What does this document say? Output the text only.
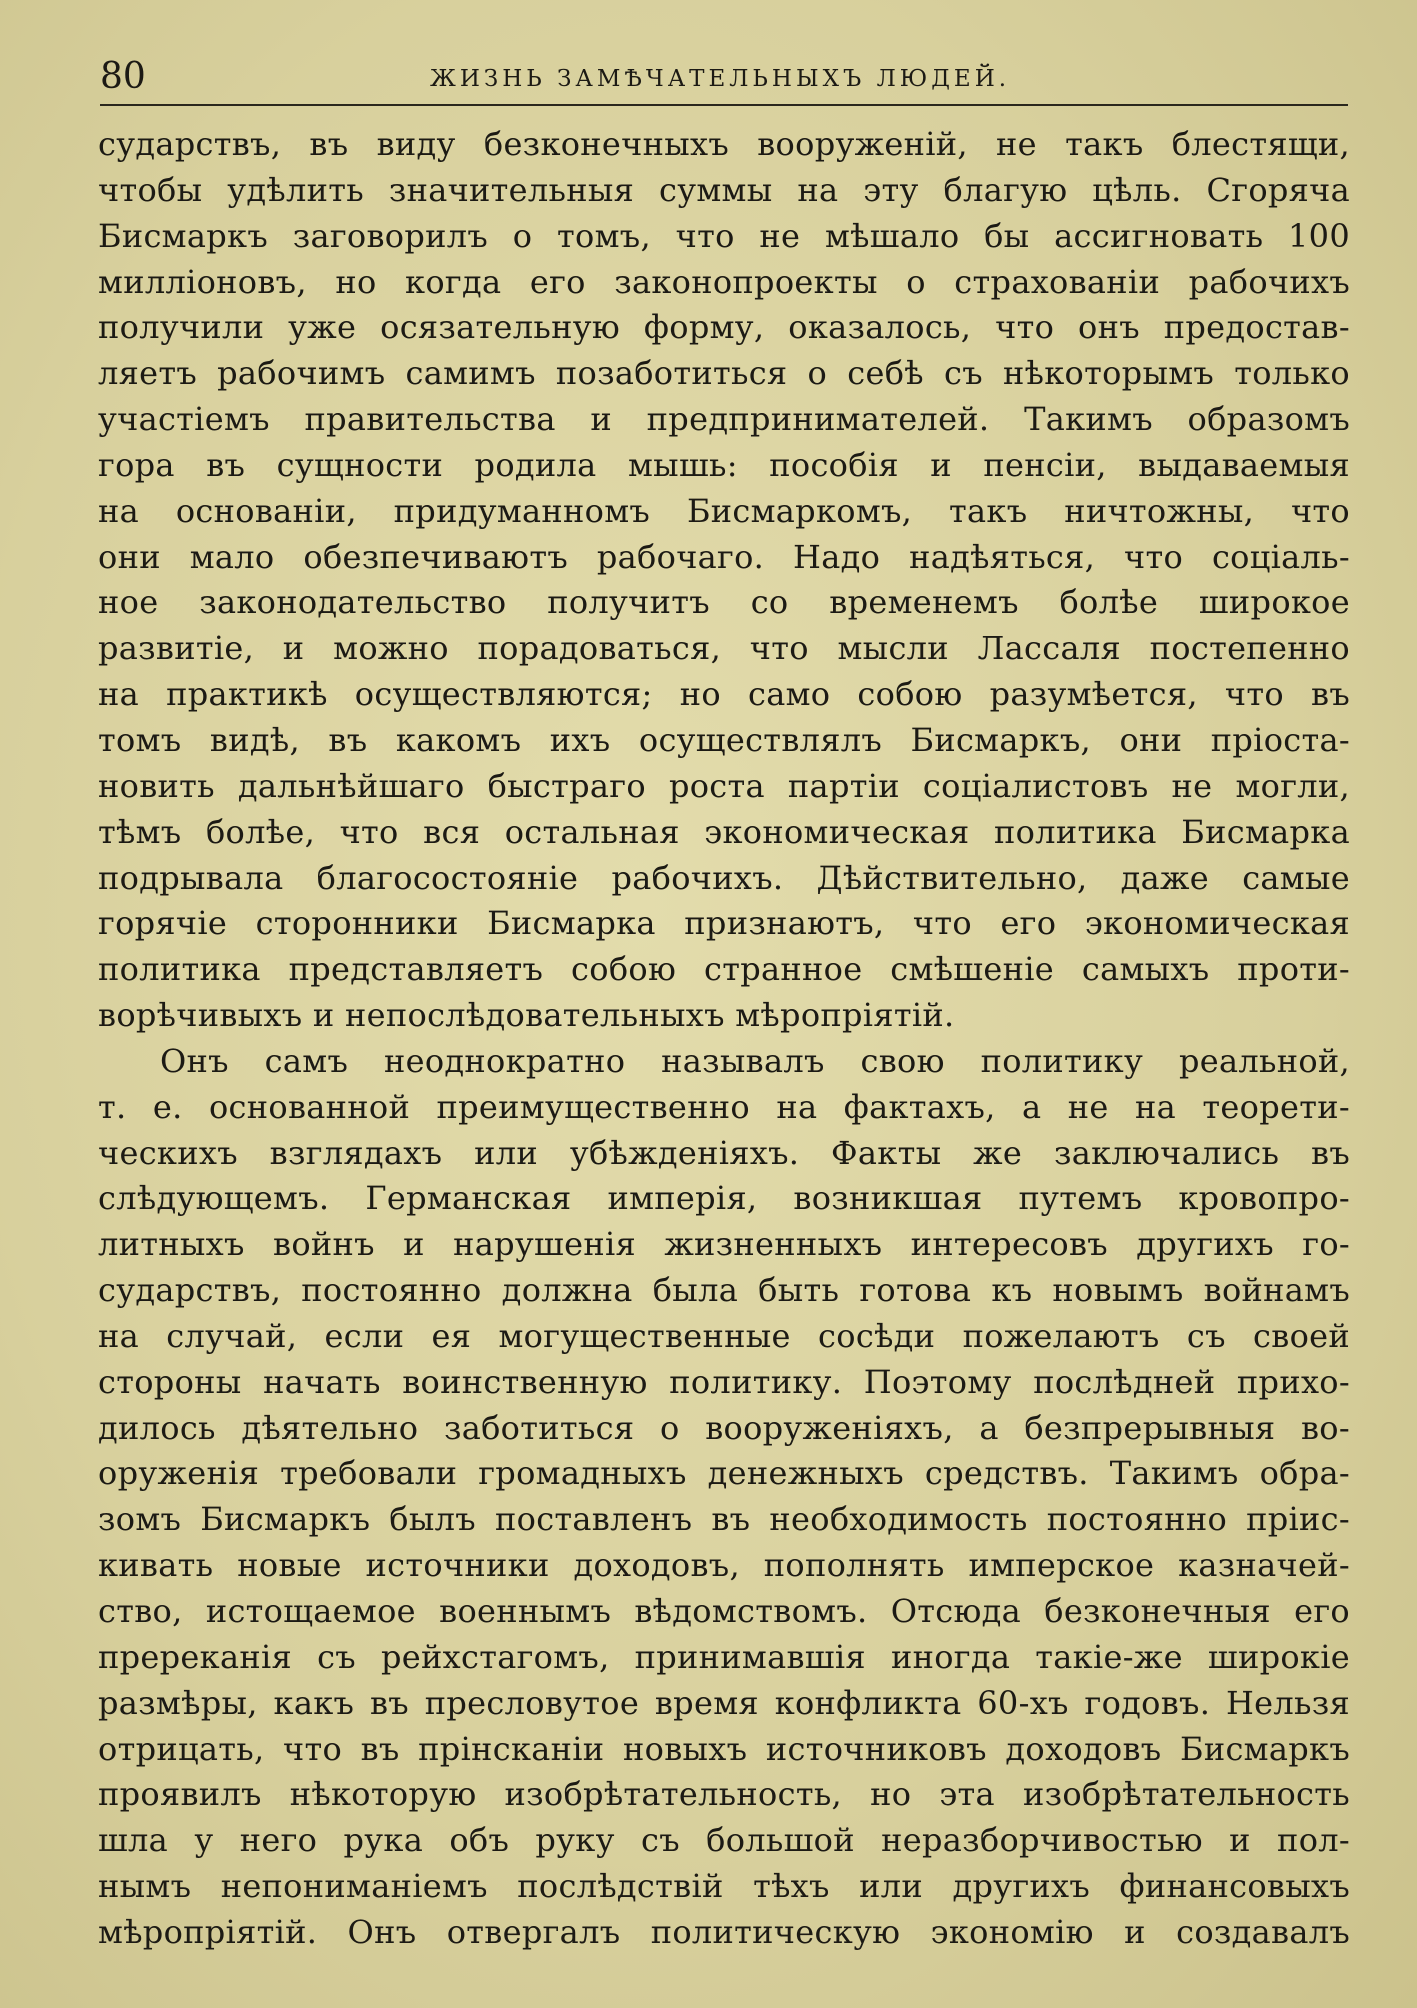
80	ЖИЗНЬ ЗАМѢЧАТЕЛЬНЫХЪ ЛЮДЕЙ.
сударствъ, въ виду безконечныхъ вооруженій, не такъ блестящи,
чтобы удѣлить значительныя суммы на эту благую цѣль. Сгоряча
Бисмаркъ заговорилъ о томъ, что не мѣшало бы ассигновать 100
милліоновъ, но когда его законопроекты о страхованіи рабочихъ
получили уже осязательную форму, оказалось, что онъ предостав-
ляетъ рабочимъ самимъ позаботиться о себѣ съ нѣкоторымъ только
участіемъ правительства и предпринимателей. Такимъ образомъ
гора въ сущности родила мышь: пособія и пенсіи, выдаваемыя
на основаніи, придуманномъ Бисмаркомъ, такъ ничтожны, что
они мало обезпечиваютъ рабочаго. Надо надѣяться, что соціаль-
ное законодательство получитъ со временемъ болѣе широкое
развитіе, и можно порадоваться, что мысли Лассаля постепенно
на практикѣ осуществляются; но само собою разумѣется, что въ
томъ видѣ, въ какомъ ихъ осуществлялъ Бисмаркъ, они пріоста-
новить дальнѣйшаго быстраго роста партіи соціалистовъ не могли,
тѣмъ болѣе, что вся остальная экономическая политика Бисмарка
подрывала благосостояніе рабочихъ. Дѣйствительно, даже самые
горячіе сторонники Бисмарка признаютъ, что его экономическая
политика представляетъ собою странное смѣшеніе самыхъ проти-
ворѣчивыхъ и непослѣдовательныхъ мѣропріятій.
Онъ самъ неоднократно называлъ свою политику реальной,
т. е. основанной преимущественно на фактахъ, а не на теорети-
ческихъ взглядахъ или убѣжденіяхъ. Факты же заключались въ
слѣдующемъ. Германская имперія, возникшая путемъ кровопро-
литныхъ войнъ и нарушенія жизненныхъ интересовъ другихъ го-
сударствъ, постоянно должна была быть готова къ новымъ войнамъ
на случай, если ея могущественные сосѣди пожелаютъ съ своей
стороны начать воинственную политику. Поэтому послѣдней прихо-
дилось дѣятельно заботиться о вооруженіяхъ, а безпрерывныя во-
оруженія требовали громадныхъ денежныхъ средствъ. Такимъ обра-
зомъ Бисмаркъ былъ поставленъ въ необходимость постоянно пріис-
кивать новые источники доходовъ, пополнять имперское казначей-
ство, истощаемое военнымъ вѣдомствомъ. Отсюда безконечныя его
пререканія съ рейхстагомъ, принимавшія иногда такіе-же широкіе
размѣры, какъ въ пресловутое время конфликта 60-хъ годовъ. Нельзя
отрицать, что въ прінсканіи новыхъ источниковъ доходовъ Бисмаркъ
проявилъ нѣкоторую изобрѣтательность, но эта изобрѣтательность
шла у него рука объ руку съ большой неразборчивостью и пол-
нымъ непониманіемъ послѣдствій тѣхъ или другихъ финансовыхъ
мѣропріятій. Онъ отвергалъ политическую экономію и создавалъ
